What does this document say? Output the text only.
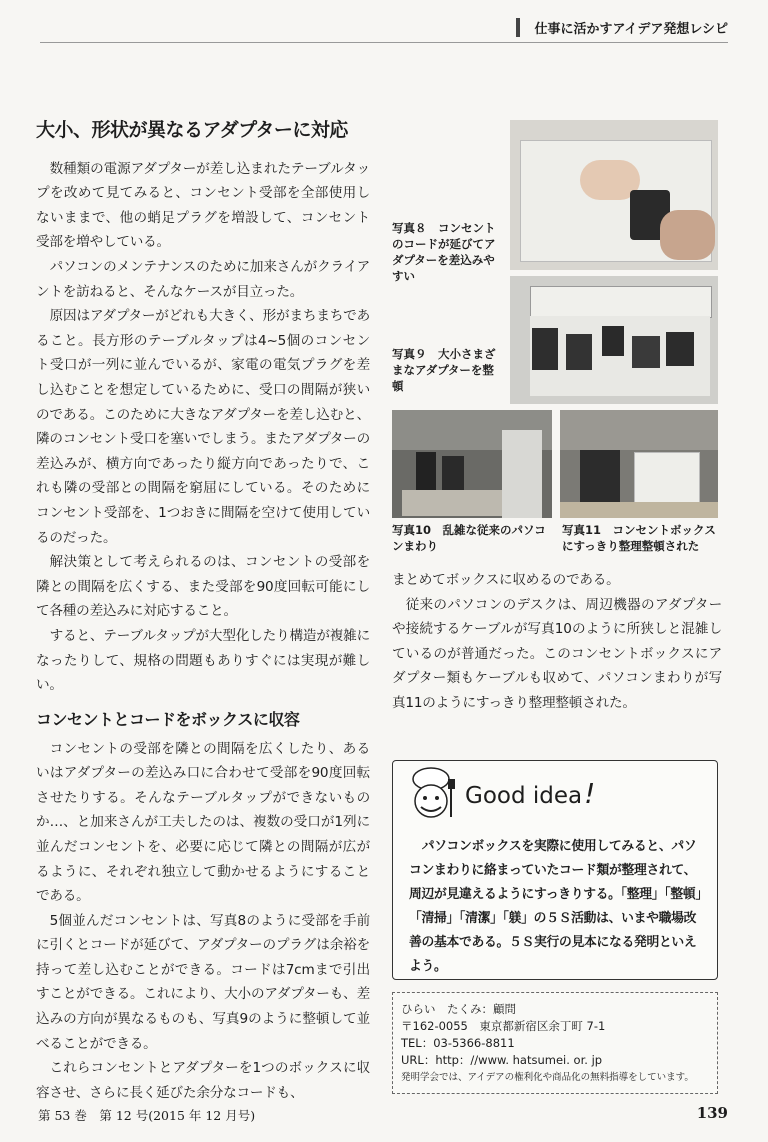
仕事に活かすアイデア発想レシピ
大小、形状が異なるアダプターに対応

数種類の電源アダプターが差し込まれたテーブルタップを改めて見てみると、コンセント受部を全部使用しないままで、他の蛸足プラグを増設して、コンセント受部を増やしている。

パソコンのメンテナンスのために加来さんがクライアントを訪ねると、そんなケースが目立った。

原因はアダプターがどれも大きく、形がまちまちであること。長方形のテーブルタップは4~5個のコンセント受口が一列に並んでいるが、家電の電気プラグを差し込むことを想定しているために、受口の間隔が狭いのである。このために大きなアダプターを差し込むと、隣のコンセント受口を塞いでしまう。またアダプターの差込みが、横方向であったり縦方向であったりで、これも隣の受部との間隔を窮屈にしている。そのためにコンセント受部を、1つおきに間隔を空けて使用しているのだった。

解決策として考えられるのは、コンセントの受部を隣との間隔を広くする、また受部を90度回転可能にして各種の差込みに対応すること。

すると、テーブルタップが大型化したり構造が複雑になったりして、規格の問題もありすぐには実現が難しい。

コンセントとコードをボックスに収容

コンセントの受部を隣との間隔を広くしたり、あるいはアダプターの差込み口に合わせて受部を90度回転させたりする。そんなテーブルタップができないものか…、と加来さんが工夫したのは、複数の受口が1列に並んだコンセントを、必要に応じて隣との間隔が広がるように、それぞれ独立して動かせるようにすることである。

5個並んだコンセントは、写真8のように受部を手前に引くとコードが延びて、アダプターのプラグは余裕を持って差し込むことができる。コードは7cmまで引出すことができる。これにより、大小のアダプターも、差込みの方向が異なるものも、写真9のように整頓して並べることができる。

これらコンセントとアダプターを1つのボックスに収容させ、さらに長く延びた余分なコードも、

写真８　 コンセントのコードが延びてアダプターを差込みやすい
写真９　 大小さまざまなアダプターを整頓
写真10　 乱雑な従来のパソコンまわり
写真11　 コンセントボックスにすっきり整理整頓された

まとめてボックスに収めるのである。

従来のパソコンのデスクは、周辺機器のアダプターや接続するケーブルが写真10のように所狭しと混雑しているのが普通だった。このコンセントボックスにアダプター類もケーブルも収めて、パソコンまわりが写真11のようにすっきり整理整頓された。

Good idea!
パソコンボックスを実際に使用してみると、パソコンまわりに絡まっていたコード類が整理されて、周辺が見違えるようにすっきりする。「整理」「整頓」「清掃」「清潔」「躾」の５Ｓ活動は、いまや職場改善の基本である。５Ｓ実行の見本になる発明といえよう。
ひらい　たくみ：顧問
〒162-0055　東京都新宿区余丁町 7-1
TEL：03-5366-8811
URL：http：//www. hatsumei. or. jp
発明学会では、アイデアの権利化や商品化の無料指導をしています。
第 53 巻　第 12 号(2015 年 12 月号)	139
